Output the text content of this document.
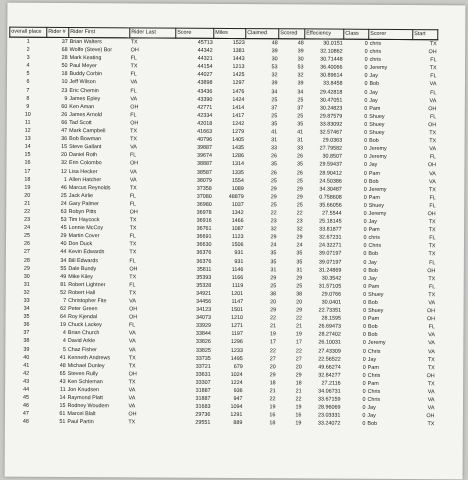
overall place	Rider #	Rider First	Rider Last	Score	Miles	Claimed	Scored	Effeciency	Class	Scorer	Start
1	37	Brian Walters	TX	45713	1523	48	48	30.0151	0	chris	TX
2	68	Wolfe (Steve) Bor	OH	44342	1381	39	39	32.10862	0	chris	OH
3	28	Mark Keating	FL	44321	1443	30	30	30.71448	0	chris	FL
4	50	Paul Meyer	TX	44154	1213	53	53	36.40066	0	Jeremy	TX
5	18	Buddy Corbin	FL	44027	1425	32	32	30.89614	0	Jay	FL
6	10	Jeff Wilson	VA	43898	1297	39	39	33.8458	0	Bob	VA
7	23	Eric Chemin	FL	43436	1476	34	34	29.42818	0	Jay	FL
8	9	James Epley	VA	43390	1424	25	25	30.47051	0	Jay	VA
9	60	Ken Aman	OH	42771	1414	37	37	30.24823	0	Pam	OH
10	26	James Arnold	FL	42334	1417	25	25	29.87579	0	Shuey	FL
11	66	Tad Scott	OH	42018	1242	35	35	33.83092	0	Shuey	OH
12	47	Mark Campbell	TX	41663	1279	41	41	32.57467	0	Shuey	TX
13	36	Bob Bowman	TX	40796	1405	31	31	29.0363	0	Bob	TX
14	15	Steve Gallant	VA	39887	1435	33	33	27.79582	0	Jeremy	VA
15	20	Daniel Roth	FL	39674	1286	26	26	30.8507	0	Jeremy	FL
16	32	Erin Colombo	OH	38887	1314	35	35	29.59437	0	Jay	OH
17	12	Lisa Hecker	VA	38587	1335	26	26	28.90412	0	Pam	VA
18	1	Allen Hatcher	VA	38079	1554	25	25	24.50386	0	Bob	VA
19	46	Marcus Reynolds	TX	37358	1089	29	29	34.30487	0	Jeremy	TX
20	25	Jack Airlie	FL	37080	48879	29	29	0.758608	0	Pam	FL
21	24	Gary Palmer	FL	36980	1037	25	25	35.66056	0	Shuey	FL
22	63	Robyn Pitts	OH	36978	1342	22	22	27.5544	0	Jeremy	OH
23	53	Tim Haycock	TX	36916	1466	23	23	25.18145	0	Jay	TX
24	45	Lonnie McCoy	TX	36761	1087	32	32	33.81877	0	Pam	TX
25	29	Martin Cover	FL	36691	1123	29	29	32.67231	0	chris	FL
26	40	Don Duck	TX	36630	1506	24	24	24.32271	0	Chris	TX
27	44	Kevin Edwards	TX	36376	931	35	35	39.07197	0	Bob	TX
28	34	Bill Edwards	FL	36376	931	35	35	39.07197	0	Jay	FL
29	55	Dale Bundy	OH	35811	1146	31	31	31.24869	0	Bob	OH
30	49	Mike Kiley	TX	35393	1166	29	29	30.3542	0	Jay	TX
31	81	Robert Lightner	FL	35328	1119	25	25	31.57105	0	Pam	FL
32	52	Robert Hall	TX	34921	1201	38	38	29.0766	0	Shuey	TX
33	7	Christopher Fite	VA	34456	1147	20	20	30.0401	0	Bob	VA
34	62	Peter Green	OH	34123	1501	29	29	22.73351	0	Shuey	OH
35	64	Roy Kjendal	OH	34073	1210	22	22	28.1595	0	Pam	OH
36	19	Chuck Lackey	FL	33929	1271	21	21	26.69473	0	Bob	FL
37	4	Brian Church	VA	33844	1197	19	19	28.27402	0	Bob	VA
38	4	David Arkle	VA	33826	1296	17	17	26.10031	0	Jeremy	VA
39	5	Chaz Fisher	VA	33825	1233	22	22	27.43309	0	Chris	VA
40	41	Kenneth Andrews	TX	33735	1495	27	27	22.56522	0	Jay	TX
41	48	Michael Dunley	TX	33721	679	20	20	49.66274	0	Pam	TX
42	65	Steven Rully	OH	33631	1024	29	29	32.84277	0	Chris	OH
43	43	Ken Schleman	TX	33307	1224	18	18	27.2116	0	Pam	TX
44	11	Jon Knudsen	VA	31887	936	21	21	34.06731	0	Chris	VA
45	14	Raymond Platt	VA	31887	947	22	22	33.67159	0	Chris	VA
46	15	Rodney Woudem	VA	31683	1094	19	19	28.96069	0	Jay	VA
47	61	Marcel Blalt	OH	29736	1291	16	16	23.03331	0	Jay	OH
48	51	Paul Partin	TX	29551	889	18	19	33.24072	0	Bob	TX
